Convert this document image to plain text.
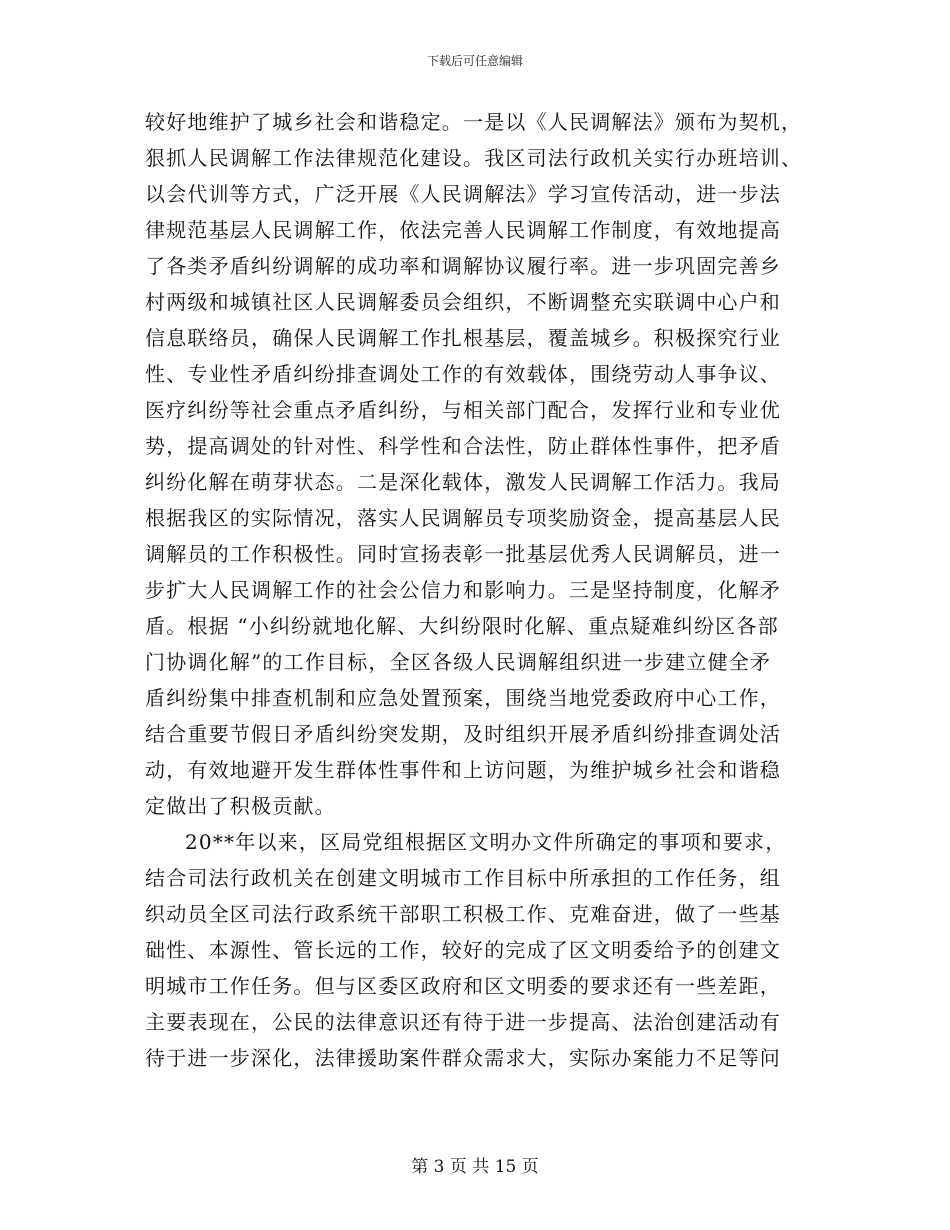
下载后可任意编辑
较好地维护了城乡社会和谐稳定。一是以《人民调解法》颁布为契机，
狠抓人民调解工作法律规范化建设。我区司法行政机关实行办班培训、
以会代训等方式，广泛开展《人民调解法》学习宣传活动，进一步法
律规范基层人民调解工作，依法完善人民调解工作制度，有效地提高
了各类矛盾纠纷调解的成功率和调解协议履行率。进一步巩固完善乡
村两级和城镇社区人民调解委员会组织，不断调整充实联调中心户和
信息联络员，确保人民调解工作扎根基层，覆盖城乡。积极探究行业
性、专业性矛盾纠纷排查调处工作的有效载体，围绕劳动人事争议、
医疗纠纷等社会重点矛盾纠纷，与相关部门配合，发挥行业和专业优
势，提高调处的针对性、科学性和合法性，防止群体性事件，把矛盾
纠纷化解在萌芽状态。二是深化载体，激发人民调解工作活力。我局
根据我区的实际情况，落实人民调解员专项奖励资金，提高基层人民
调解员的工作积极性。同时宣扬表彰一批基层优秀人民调解员，进一
步扩大人民调解工作的社会公信力和影响力。三是坚持制度，化解矛
盾。根据 “小纠纷就地化解、大纠纷限时化解、重点疑难纠纷区各部
门协调化解”的工作目标，全区各级人民调解组织进一步建立健全矛
盾纠纷集中排查机制和应急处置预案，围绕当地党委政府中心工作，
结合重要节假日矛盾纠纷突发期，及时组织开展矛盾纠纷排查调处活
动，有效地避开发生群体性事件和上访问题，为维护城乡社会和谐稳
定做出了积极贡献。
20**年以来，区局党组根据区文明办文件所确定的事项和要求，
结合司法行政机关在创建文明城市工作目标中所承担的工作任务，组
织动员全区司法行政系统干部职工积极工作、克难奋进，做了一些基
础性、本源性、管长远的工作，较好的完成了区文明委给予的创建文
明城市工作任务。但与区委区政府和区文明委的要求还有一些差距，
主要表现在，公民的法律意识还有待于进一步提高、法治创建活动有
待于进一步深化，法律援助案件群众需求大，实际办案能力不足等问
第 3 页 共 15 页
